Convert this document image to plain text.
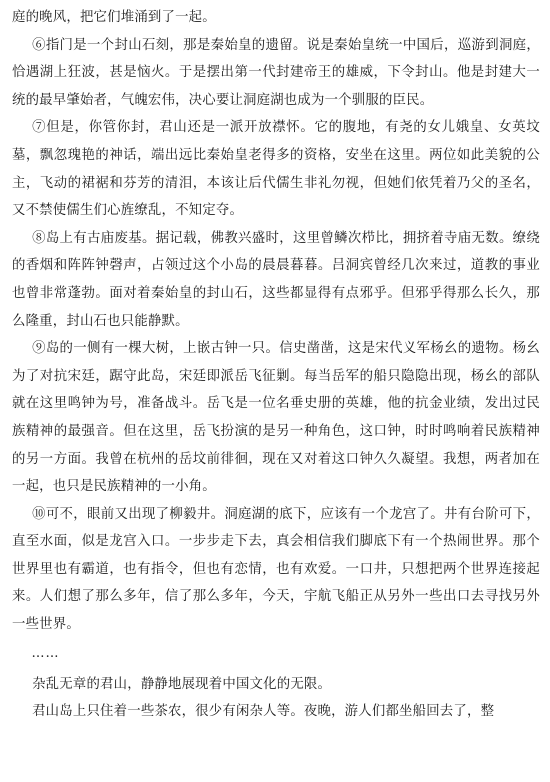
庭的晚风，把它们堆涌到了一起。

⑥指门是一个封山石刻，那是秦始皇的遗留。说是秦始皇统一中国后，巡游到洞庭，恰遇湖上狂波，甚是恼火。于是摆出第一代封建帝王的雄威，下令封山。他是封建大一统的最早肇始者，气魄宏伟，决心要让洞庭湖也成为一个驯服的臣民。

⑦但是，你管你封，君山还是一派开放襟怀。它的腹地，有尧的女儿娥皇、女英坟墓，飘忽瑰艳的神话，端出远比秦始皇老得多的资格，安坐在这里。两位如此美貌的公主，飞动的裙裾和芬芳的清泪，本该让后代儒生非礼勿视，但她们依凭着乃父的圣名，又不禁使儒生们心旌缭乱，不知定夺。

⑧岛上有古庙废基。据记载，佛教兴盛时，这里曾鳞次栉比，拥挤着寺庙无数。缭绕的香烟和阵阵钟磬声，占领过这个小岛的晨晨暮暮。吕洞宾曾经几次来过，道教的事业也曾非常蓬勃。面对着秦始皇的封山石，这些都显得有点邪乎。但邪乎得那么长久，那么隆重，封山石也只能静默。

⑨岛的一侧有一棵大树，上嵌古钟一只。信史凿凿，这是宋代义军杨幺的遗物。杨幺为了对抗宋廷，踞守此岛，宋廷即派岳飞征剿。每当岳军的船只隐隐出现，杨幺的部队就在这里鸣钟为号，准备战斗。岳飞是一位名垂史册的英雄，他的抗金业绩，发出过民族精神的最强音。但在这里，岳飞扮演的是另一种角色，这口钟，时时鸣响着民族精神的另一方面。我曾在杭州的岳坟前徘徊，现在又对着这口钟久久凝望。我想，两者加在一起，也只是民族精神的一小角。

⑩可不，眼前又出现了柳毅井。洞庭湖的底下，应该有一个龙宫了。井有台阶可下，直至水面，似是龙宫入口。一步步走下去，真会相信我们脚底下有一个热闹世界。那个世界里也有霸道，也有指令，但也有恋情，也有欢爱。一口井，只想把两个世界连接起来。人们想了那么多年，信了那么多年，今天，宇航飞船正从另外一些出口去寻找另外一些世界。

……

杂乱无章的君山，静静地展现着中国文化的无限。

君山岛上只住着一些茶农，很少有闲杂人等。夜晚，游人们都坐船回去了，整
